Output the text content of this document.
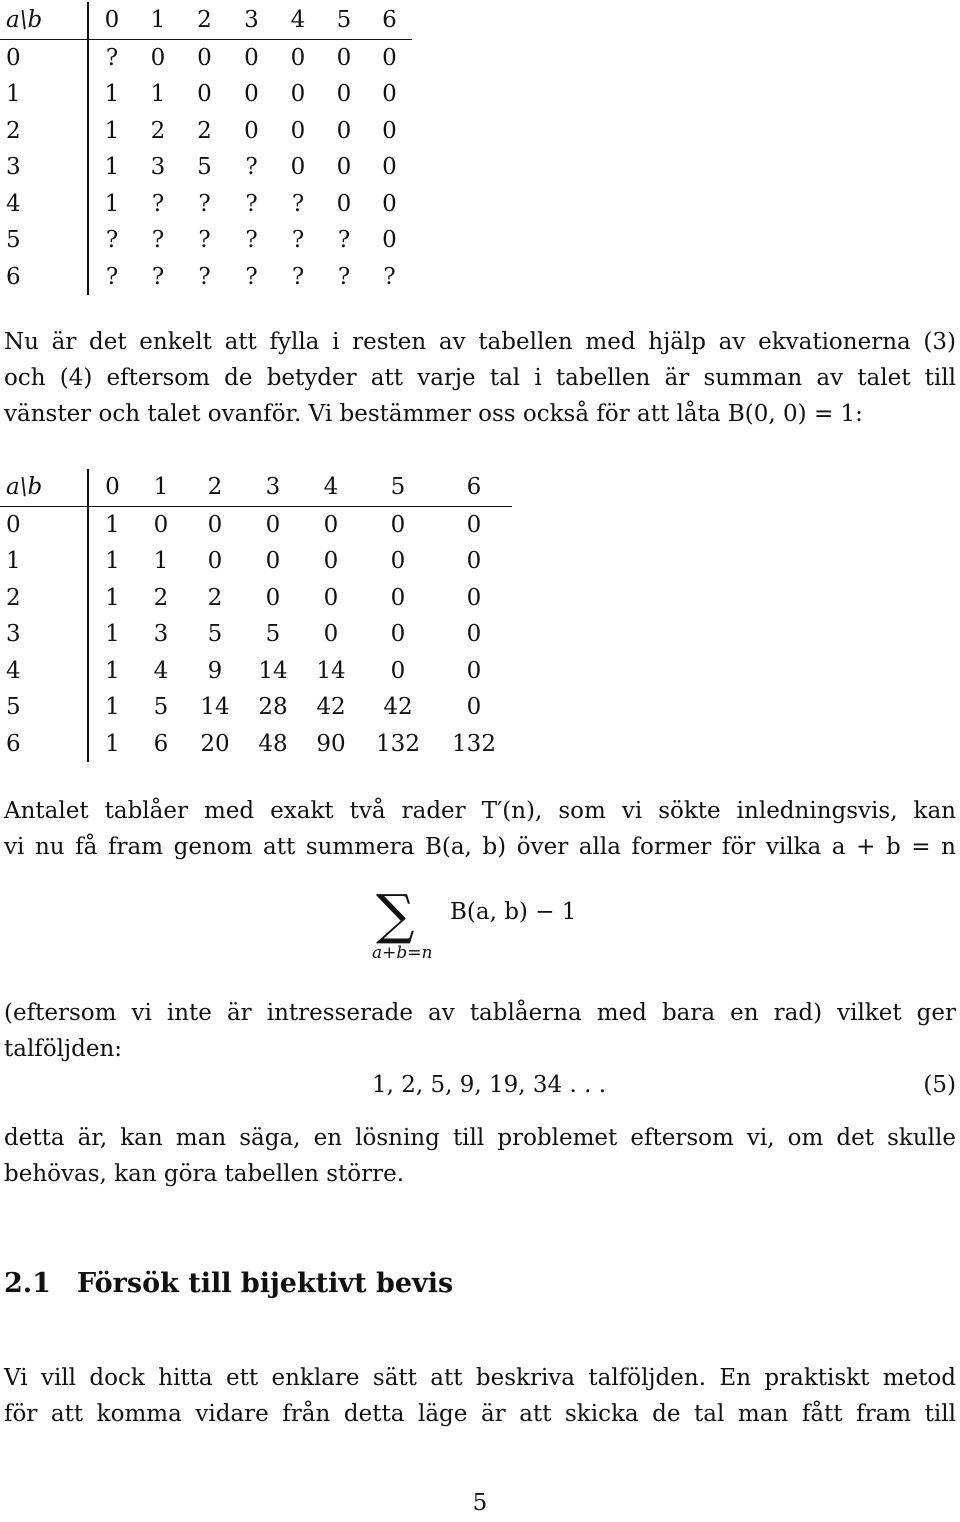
a\b	0	1	2	3	4	5	6
0	?	0	0	0	0	0	0
1	1	1	0	0	0	0	0
2	1	2	2	0	0	0	0
3	1	3	5	?	0	0	0
4	1	?	?	?	?	0	0
5	?	?	?	?	?	?	0
6	?	?	?	?	?	?	?
Nu är det enkelt att fylla i resten av tabellen med hjälp av ekvationerna (3)
och (4) eftersom de betyder att varje tal i tabellen är summan av talet till
vänster och talet ovanför. Vi bestämmer oss också för att låta B(0, 0) = 1:
a\b	0	1	2	3	4	5	6
0	1	0	0	0	0	0	0
1	1	1	0	0	0	0	0
2	1	2	2	0	0	0	0
3	1	3	5	5	0	0	0
4	1	4	9	14	14	0	0
5	1	5	14	28	42	42	0
6	1	6	20	48	90	132	132
Antalet tablåer med exakt två rader T′(n), som vi sökte inledningsvis, kan
vi nu få fram genom att summera B(a, b) över alla former för vilka a + b = n
∑
a+b=n
B(a, b) − 1
(eftersom vi inte är intresserade av tablåerna med bara en rad) vilket ger
talföljden:
1, 2, 5, 9, 19, 34 . . .	(5)
detta är, kan man säga, en lösning till problemet eftersom vi, om det skulle
behövas, kan göra tabellen större.
2.1 Försök till bijektivt bevis
Vi vill dock hitta ett enklare sätt att beskriva talföljden. En praktiskt metod
för att komma vidare från detta läge är att skicka de tal man fått fram till
5
